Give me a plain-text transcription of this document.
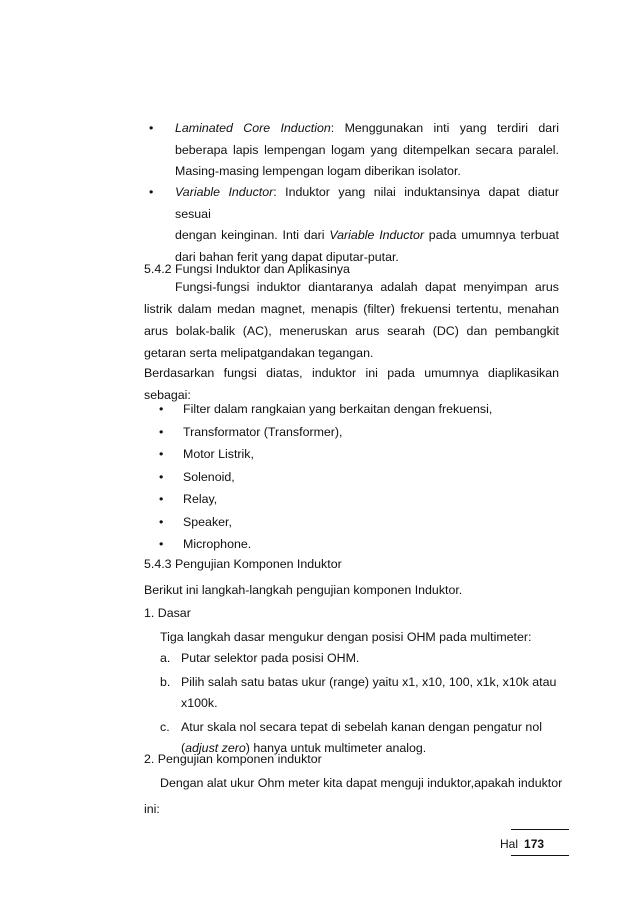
• Laminated Core Induction: Menggunakan inti yang terdiri dari
beberapa lapis lempengan logam yang ditempelkan secara paralel.
Masing-masing lempengan logam diberikan isolator.

• Variable Inductor: Induktor yang nilai induktansinya dapat diatur sesuai
dengan keinginan. Inti dari Variable Inductor pada umumnya terbuat
dari bahan ferit yang dapat diputar-putar.

5.4.2 Fungsi Induktor dan Aplikasinya
Fungsi-fungsi induktor diantaranya adalah dapat menyimpan arus
listrik dalam medan magnet, menapis (filter) frekuensi tertentu, menahan
arus bolak-balik (AC), meneruskan arus searah (DC) dan pembangkit
getaran serta melipatgandakan tegangan.
Berdasarkan fungsi diatas, induktor ini pada umumnya diaplikasikan
sebagai:
• Filter dalam rangkaian yang berkaitan dengan frekuensi,
• Transformator (Transformer),
• Motor Listrik,
• Solenoid,
• Relay,
• Speaker,
• Microphone.
5.4.3 Pengujian Komponen Induktor
Berikut ini langkah-langkah pengujian komponen Induktor.
1. Dasar
Tiga langkah dasar mengukur dengan posisi OHM pada multimeter:
a. Putar selektor pada posisi OHM.
b. Pilih salah satu batas ukur (range) yaitu x1, x10, 100, x1k, x10k atau
x100k.
c. Atur skala nol secara tepat di sebelah kanan dengan pengatur nol
(adjust zero) hanya untuk multimeter analog.
2. Pengujian komponen induktor
Dengan alat ukur Ohm meter kita dapat menguji induktor,apakah induktor
ini:
Hal 173
